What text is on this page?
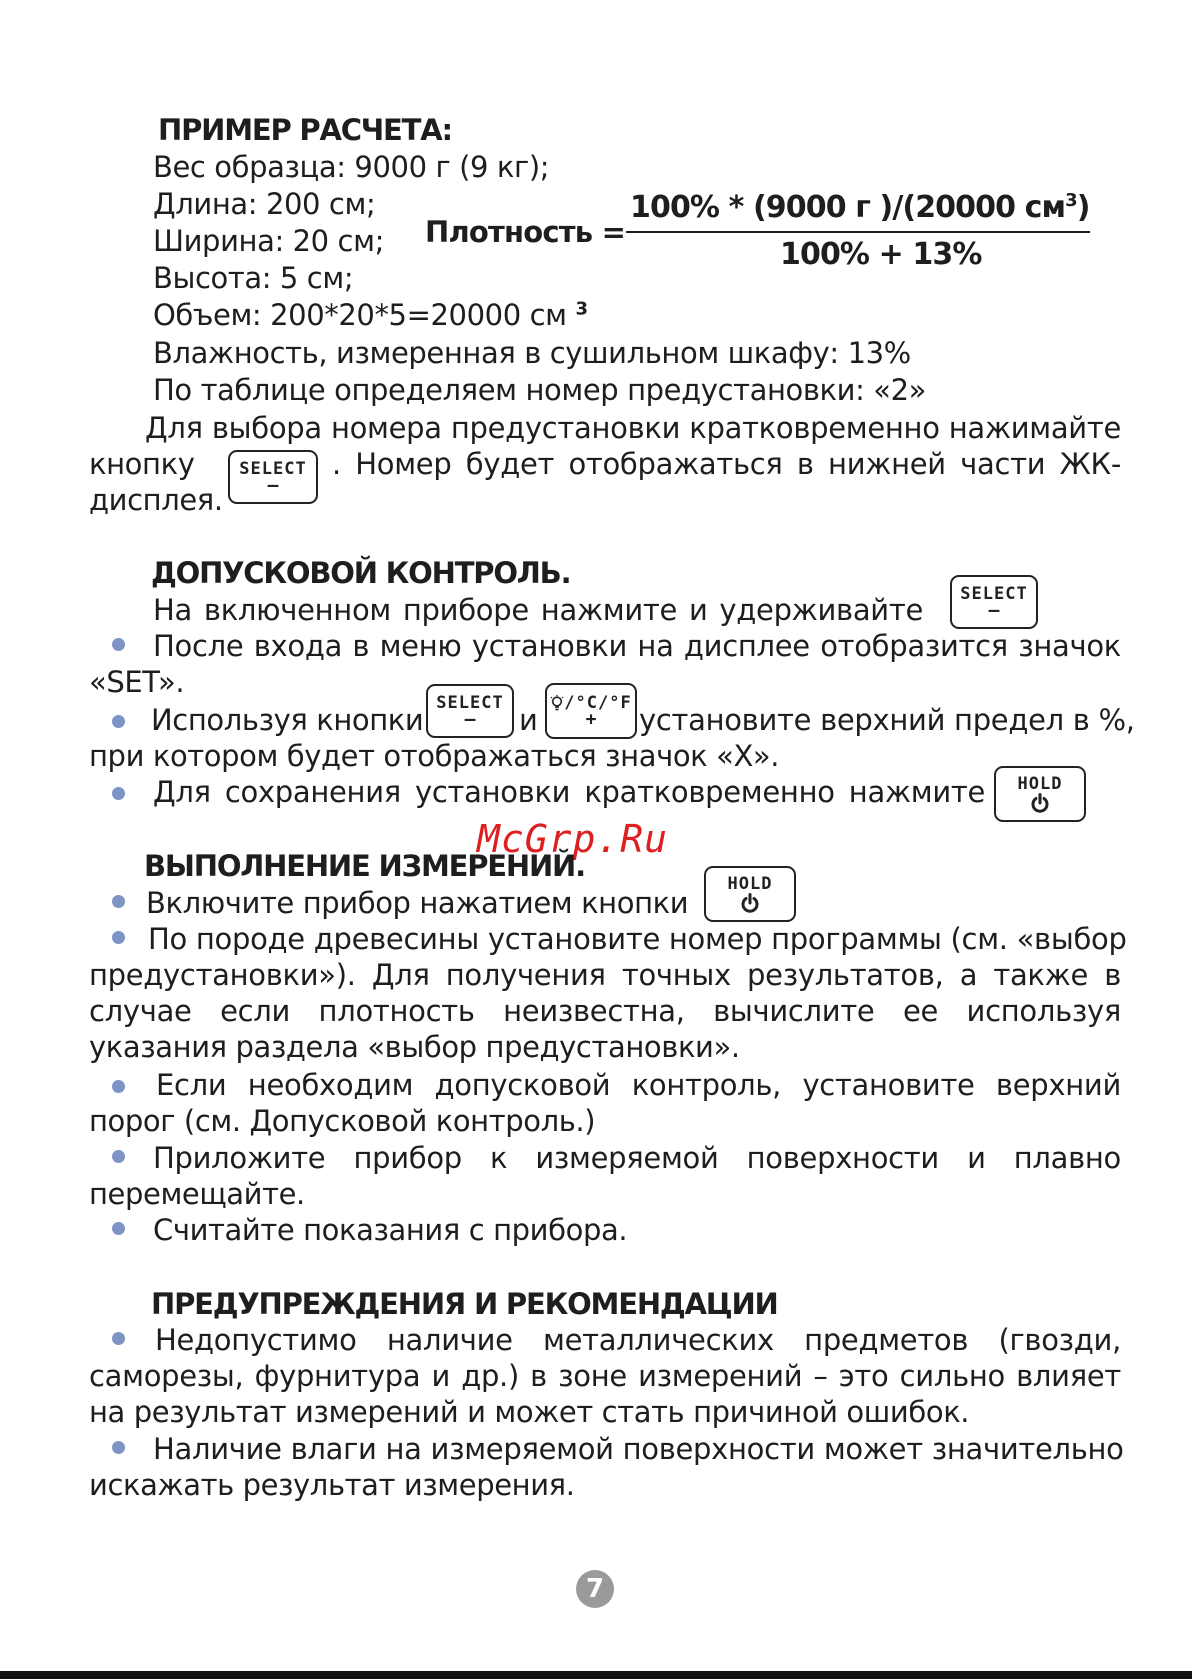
ПРИМЕР РАСЧЕТА:
Вес образца: 9000 г (9 кг);
Длина: 200 см;
Ширина: 20 см;
Высота: 5 см;
Объем: 200*20*5=20000 см $^3$
Влажность, измеренная в сушильном шкафу: 13%
По таблице определяем номер предустановки: «2»
Плотность =
100% * (9000 г )/(20000 $см^3$)
100% + 13%
Для выбора номера предустановки кратковременно нажимайте
кнопку	SELECT
–
. Номер будет отображаться в нижней части ЖК-
дисплея.
ДОПУСКОВОЙ КОНТРОЛЬ.
На включенном приборе нажмите и удерживайте SELECT
–
После входа в меню установки на дисплее отобразится значок
«SET».
Используя кнопки SELECT
– и /°C/°F
+ установите верхний предел в %,
при котором будет отображаться значок «X».
Для сохранения установки кратковременно нажмите HOLD
McGrp.Ru
ВЫПОЛНЕНИЕ ИЗМЕРЕНИЙ.
Включите прибор нажатием кнопки
HOLD
По породе древесины установите номер программы (см. «выбор
предустановки»). Для получения точных результатов, а также в
случае если плотность неизвестна, вычислите ее используя
указания раздела «выбор предустановки».
Если необходим допусковой контроль, установите верхний
порог (см. Допусковой контроль.)
Приложите прибор к измеряемой поверхности и плавно
перемещайте.
Считайте показания с прибора.
ПРЕДУПРЕЖДЕНИЯ И РЕКОМЕНДАЦИИ
Недопустимо наличие металлических предметов (гвозди,
саморезы, фурнитура и др.) в зоне измерений – это сильно влияет
на результат измерений и может стать причиной ошибок.
Наличие влаги на измеряемой поверхности может значительно
искажать результат измерения.
7
